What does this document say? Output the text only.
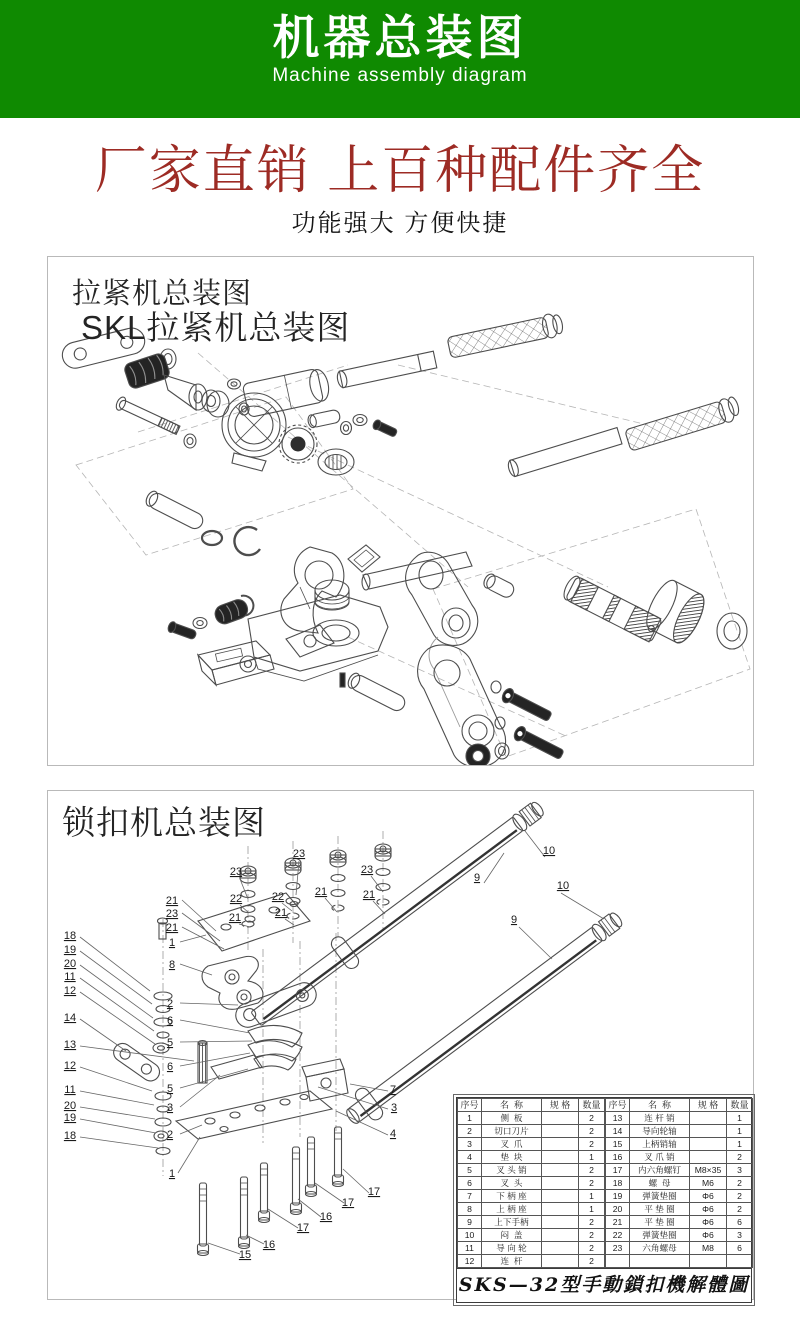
机器总装图
Machine assembly diagram
厂家直销 上百种配件齐全
功能强大 方便快捷
拉紧机总装图
SKL拉紧机总装图
23
23
22
21
22
21
21
23
21
21
23
21
1
8
2
6
5
6
5
3
2
1
18
19
20
11
12
14
13
12
11
20
19
18
10
9
10
9
17
17
16
17
16
15
7
3
4
锁扣机总装图
序号	名  称	规 格	数量
1	侧  板		2
2	切口刀片		2
3	叉  爪		2
4	垫  块		1
5	叉 头 销		2
6	叉  头		2
7	下 柄 座		1
8	上 柄 座		1
9	上下手柄		2
10	闷  盖		2
11	导 向 轮		2
12	连  杆		2
序号	名  称	规 格	数量
13	连 杆 销		1
14	导向轮轴		1
15	上柄销轴		1
16	叉 爪 销		2
17	内六角螺钉	M8×35	3
18	螺  母	M6	2
19	弹簧垫圈	Φ6	2
20	平 垫 圈	Φ6	2
21	平 垫 圈	Φ6	6
22	弹簧垫圈	Φ6	3
23	六角螺母	M8	6

SKS—32型手動鎖扣機解體圖
